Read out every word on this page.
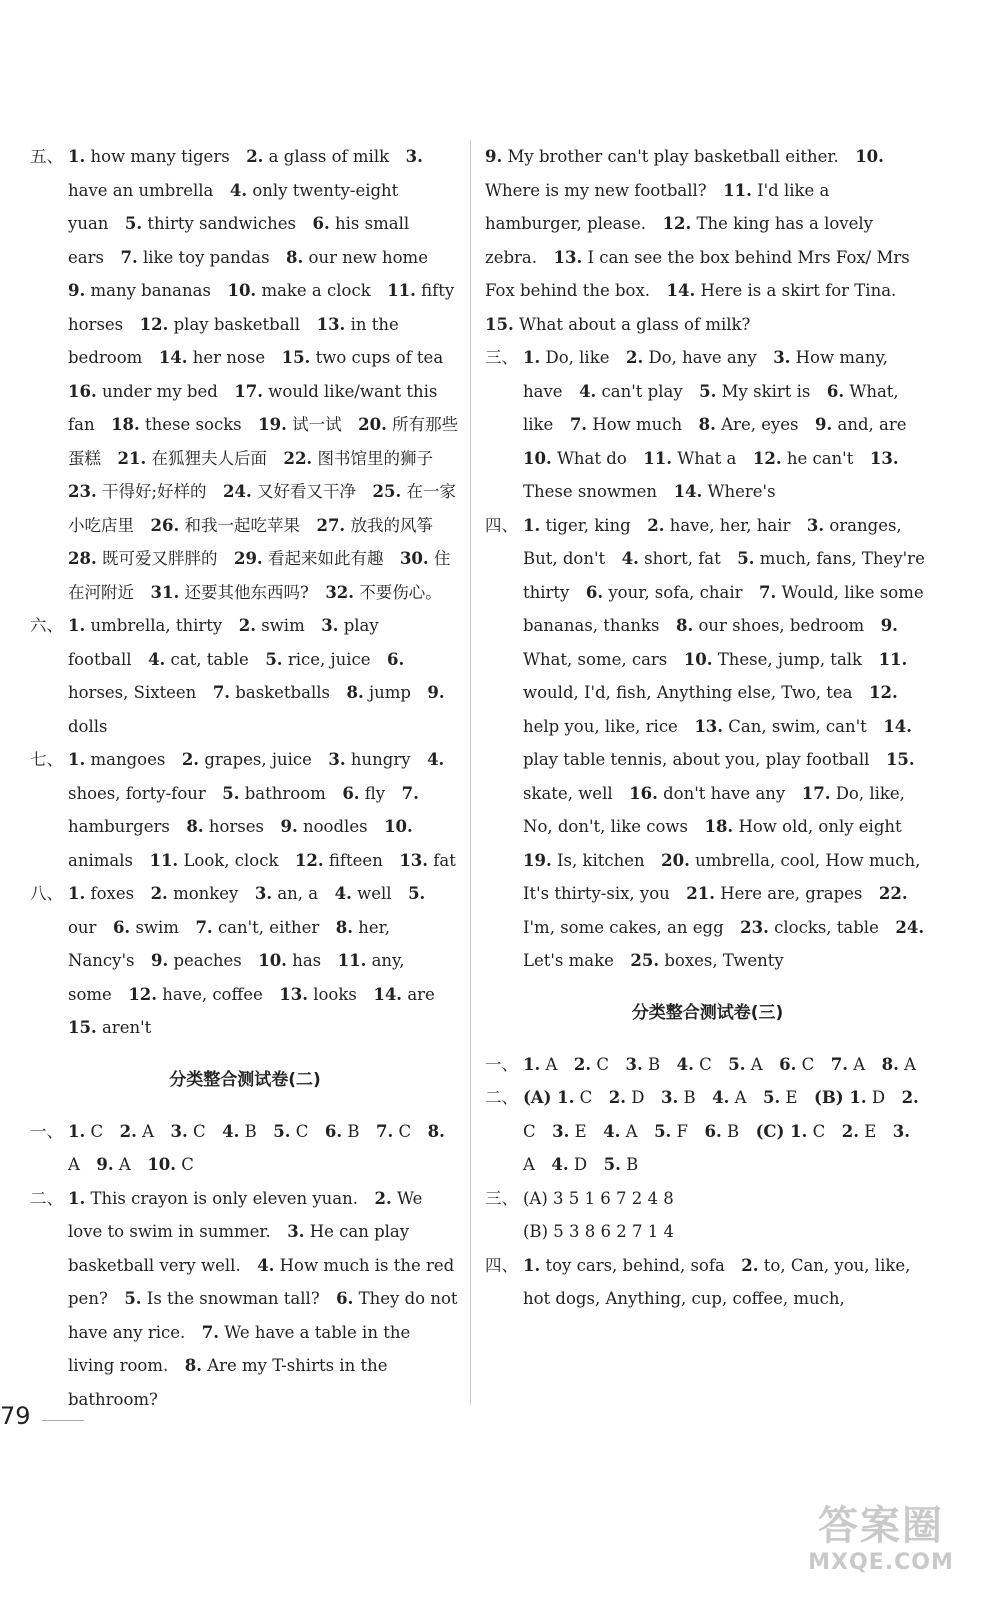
五、 1. how many tigers  2. a glass of milk  3. have an umbrella  4. only twenty-eight yuan  5. thirty sandwiches  6. his small ears  7. like toy pandas  8. our new home 9. many bananas  10. make a clock  11. fifty horses  12. play basketball  13. in the bedroom  14. her nose  15. two cups of tea 16. under my bed  17. would like/want this fan  18. these socks  19. 试一试  20. 所有那些蛋糕  21. 在狐狸夫人后面  22. 图书馆里的狮子 23. 干得好;好样的  24. 又好看又干净  25. 在一家小吃店里  26. 和我一起吃苹果  27. 放我的风筝 28. 既可爱又胖胖的  29. 看起来如此有趣  30. 住在河附近  31. 还要其他东西吗?  32. 不要伤心。

六、 1. umbrella, thirty  2. swim  3. play football  4. cat, table  5. rice, juice  6. horses, Sixteen  7. basketballs  8. jump  9. dolls

七、 1. mangoes  2. grapes, juice  3. hungry  4. shoes, forty-four  5. bathroom  6. fly  7. hamburgers  8. horses  9. noodles  10. animals  11. Look, clock  12. fifteen  13. fat

八、 1. foxes  2. monkey  3. an, a  4. well  5. our  6. swim  7. can't, either  8. her, Nancy's  9. peaches  10. has  11. any, some  12. have, coffee  13. looks  14. are 15. aren't

分类整合测试卷(二)

一、 1. C  2. A  3. C  4. B  5. C  6. B  7. C  8. A  9. A  10. C

二、 1. This crayon is only eleven yuan.  2. We love to swim in summer.  3. He can play basketball very well.  4. How much is the red pen?  5. Is the snowman tall?  6. They do not have any rice.  7. We have a table in the living room.  8. Are my T-shirts in the bathroom?

9. My brother can't play basketball either.  10. Where is my new football?  11. I'd like a hamburger, please.  12. The king has a lovely zebra.  13. I can see the box behind Mrs Fox/ Mrs Fox behind the box.  14. Here is a skirt for Tina. 15. What about a glass of milk?

三、 1. Do, like  2. Do, have any  3. How many, have  4. can't play  5. My skirt is  6. What, like  7. How much  8. Are, eyes  9. and, are 10. What do  11. What a  12. he can't  13. These snowmen  14. Where's

四、 1. tiger, king  2. have, her, hair  3. oranges, But, don't  4. short, fat  5. much, fans, They're thirty  6. your, sofa, chair  7. Would, like some bananas, thanks  8. our shoes, bedroom  9. What, some, cars  10. These, jump, talk  11. would, I'd, fish, Anything else, Two, tea  12. help you, like, rice  13. Can, swim, can't  14. play table tennis, about you, play football  15. skate, well  16. don't have any  17. Do, like, No, don't, like cows  18. How old, only eight 19. Is, kitchen  20. umbrella, cool, How much, It's thirty-six, you  21. Here are, grapes  22. I'm, some cakes, an egg  23. clocks, table  24. Let's make  25. boxes, Twenty

分类整合测试卷(三)

一、 1. A  2. C  3. B  4. C  5. A  6. C  7. A  8. A

二、 (A) 1. C  2. D  3. B  4. A  5. E  (B) 1. D  2. C  3. E  4. A  5. F  6. B  (C) 1. C  2. E  3. A  4. D  5. B

三、 (A) 3 5 1 6 7 2 4 8
(B) 5 3 8 6 2 7 1 4

四、 1. toy cars, behind, sofa  2. to, Can, you, like, hot dogs, Anything, cup, coffee, much,

79
答案圈
MXQE.COM
